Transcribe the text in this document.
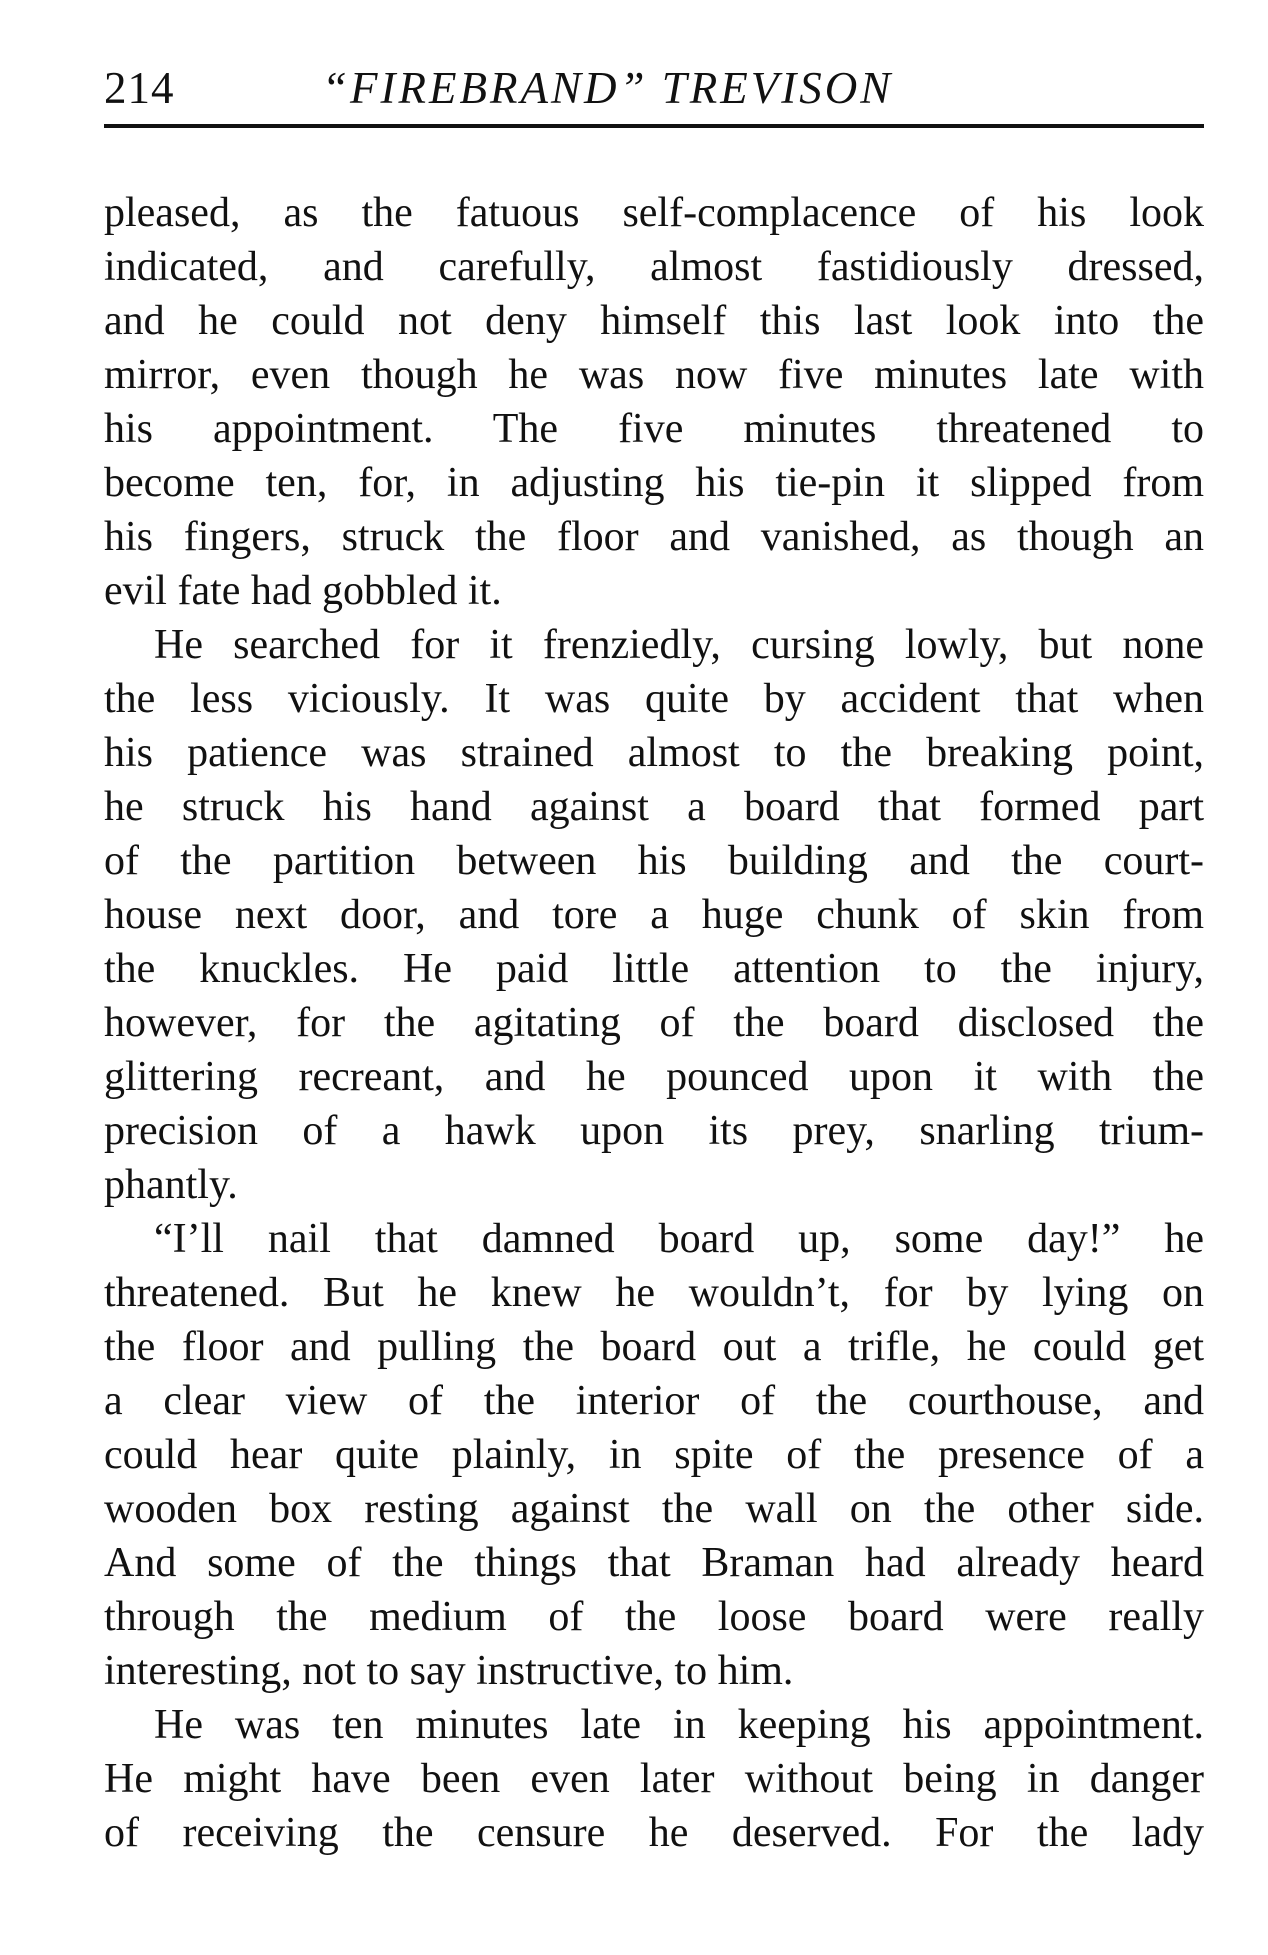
214	“FIREBRAND” TREVISON
pleased, as the fatuous self-complacence of his look
indicated, and carefully, almost fastidiously dressed,
and he could not deny himself this last look into the
mirror, even though he was now five minutes late with
his appointment. The five minutes threatened to
become ten, for, in adjusting his tie-pin it slipped from
his fingers, struck the floor and vanished, as though an
evil fate had gobbled it.
He searched for it frenziedly, cursing lowly, but none
the less viciously. It was quite by accident that when
his patience was strained almost to the breaking point,
he struck his hand against a board that formed part
of the partition between his building and the court-
house next door, and tore a huge chunk of skin from
the knuckles. He paid little attention to the injury,
however, for the agitating of the board disclosed the
glittering recreant, and he pounced upon it with the
precision of a hawk upon its prey, snarling trium-
phantly.
“I’ll nail that damned board up, some day!” he
threatened. But he knew he wouldn’t, for by lying on
the floor and pulling the board out a trifle, he could get
a clear view of the interior of the courthouse, and
could hear quite plainly, in spite of the presence of a
wooden box resting against the wall on the other side.
And some of the things that Braman had already heard
through the medium of the loose board were really
interesting, not to say instructive, to him.
He was ten minutes late in keeping his appointment.
He might have been even later without being in danger
of receiving the censure he deserved. For the lady
